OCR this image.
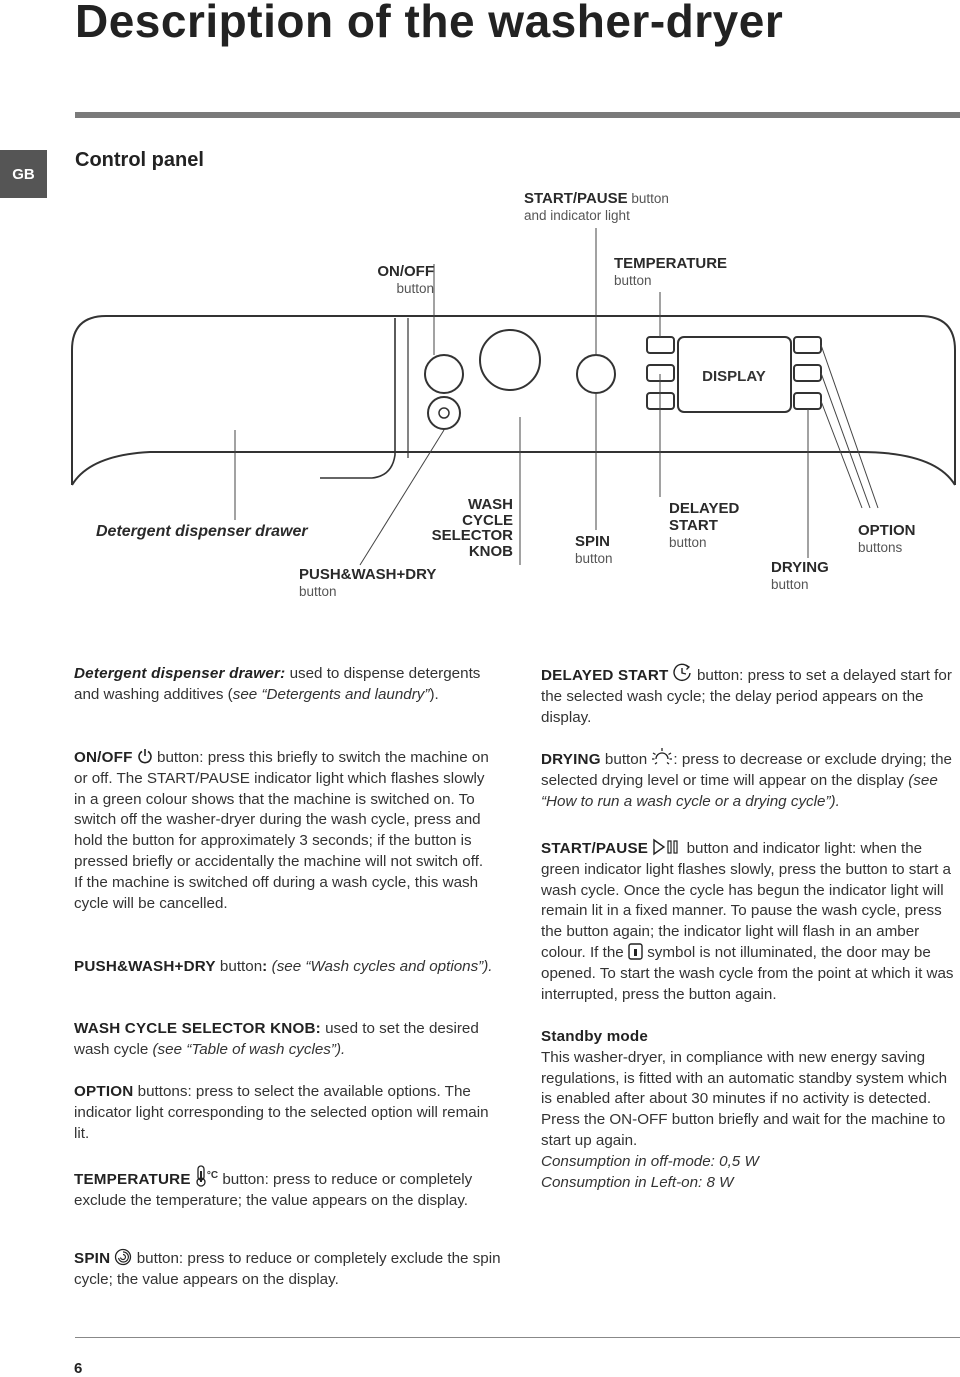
Description of the washer-dryer
GB
Control panel
DISPLAY
START/PAUSE button
and indicator light
ON/OFF
button
TEMPERATURE
button
Detergent dispenser drawer
WASH
CYCLE
SELECTOR
KNOB
PUSH&WASH+DRY
button
SPIN
button
DELAYED
START
button
DRYING
button
OPTION
buttons
Detergent dispenser drawer: used to dispense detergents and washing additives (see “Detergents and laundry”).
ON/OFF  button: press this briefly to switch the machine on or off. The START/PAUSE indicator light which flashes slowly in a green colour shows that the machine is switched on. To switch off the washer-dryer during the wash cycle, press and hold the button for approximately 3 seconds; if the button is pressed briefly or accidentally the machine will not switch off.
If the machine is switched off during a wash cycle, this wash cycle will be cancelled.
PUSH&WASH+DRY button: (see “Wash cycles and options”).
WASH CYCLE SELECTOR KNOB: used to set the desired wash cycle (see “Table of wash cycles”).
OPTION buttons: press to select the available options. The indicator light corresponding to the selected option will remain lit.
TEMPERATURE $^{^\circ C}$ button: press to reduce or completely exclude the temperature; the value appears on the display.
SPIN  button: press to reduce or completely exclude the spin cycle; the value appears on the display.
DELAYED START  button: press to set a delayed start for the selected wash cycle; the delay period appears on the display.
DRYING button : press to decrease or exclude drying; the selected drying level or time will appear on the display (see “How to run a wash cycle or a drying cycle”).
START/PAUSE  button and indicator light: when the green indicator light flashes slowly, press the button to start a wash cycle. Once the cycle has begun the indicator light will remain lit in a fixed manner. To pause the wash cycle, press the button again; the indicator light will flash in an amber colour. If the  symbol is not illuminated, the door may be opened. To start the wash cycle from the point at which it was interrupted, press the button again.
Standby mode
This washer-dryer, in compliance with new energy saving regulations, is fitted with an automatic standby system which is enabled after about 30 minutes if no activity is detected. Press the ON-OFF button briefly and wait for the machine to start up again.
Consumption in off-mode: 0,5 W
Consumption in Left-on: 8 W
6
